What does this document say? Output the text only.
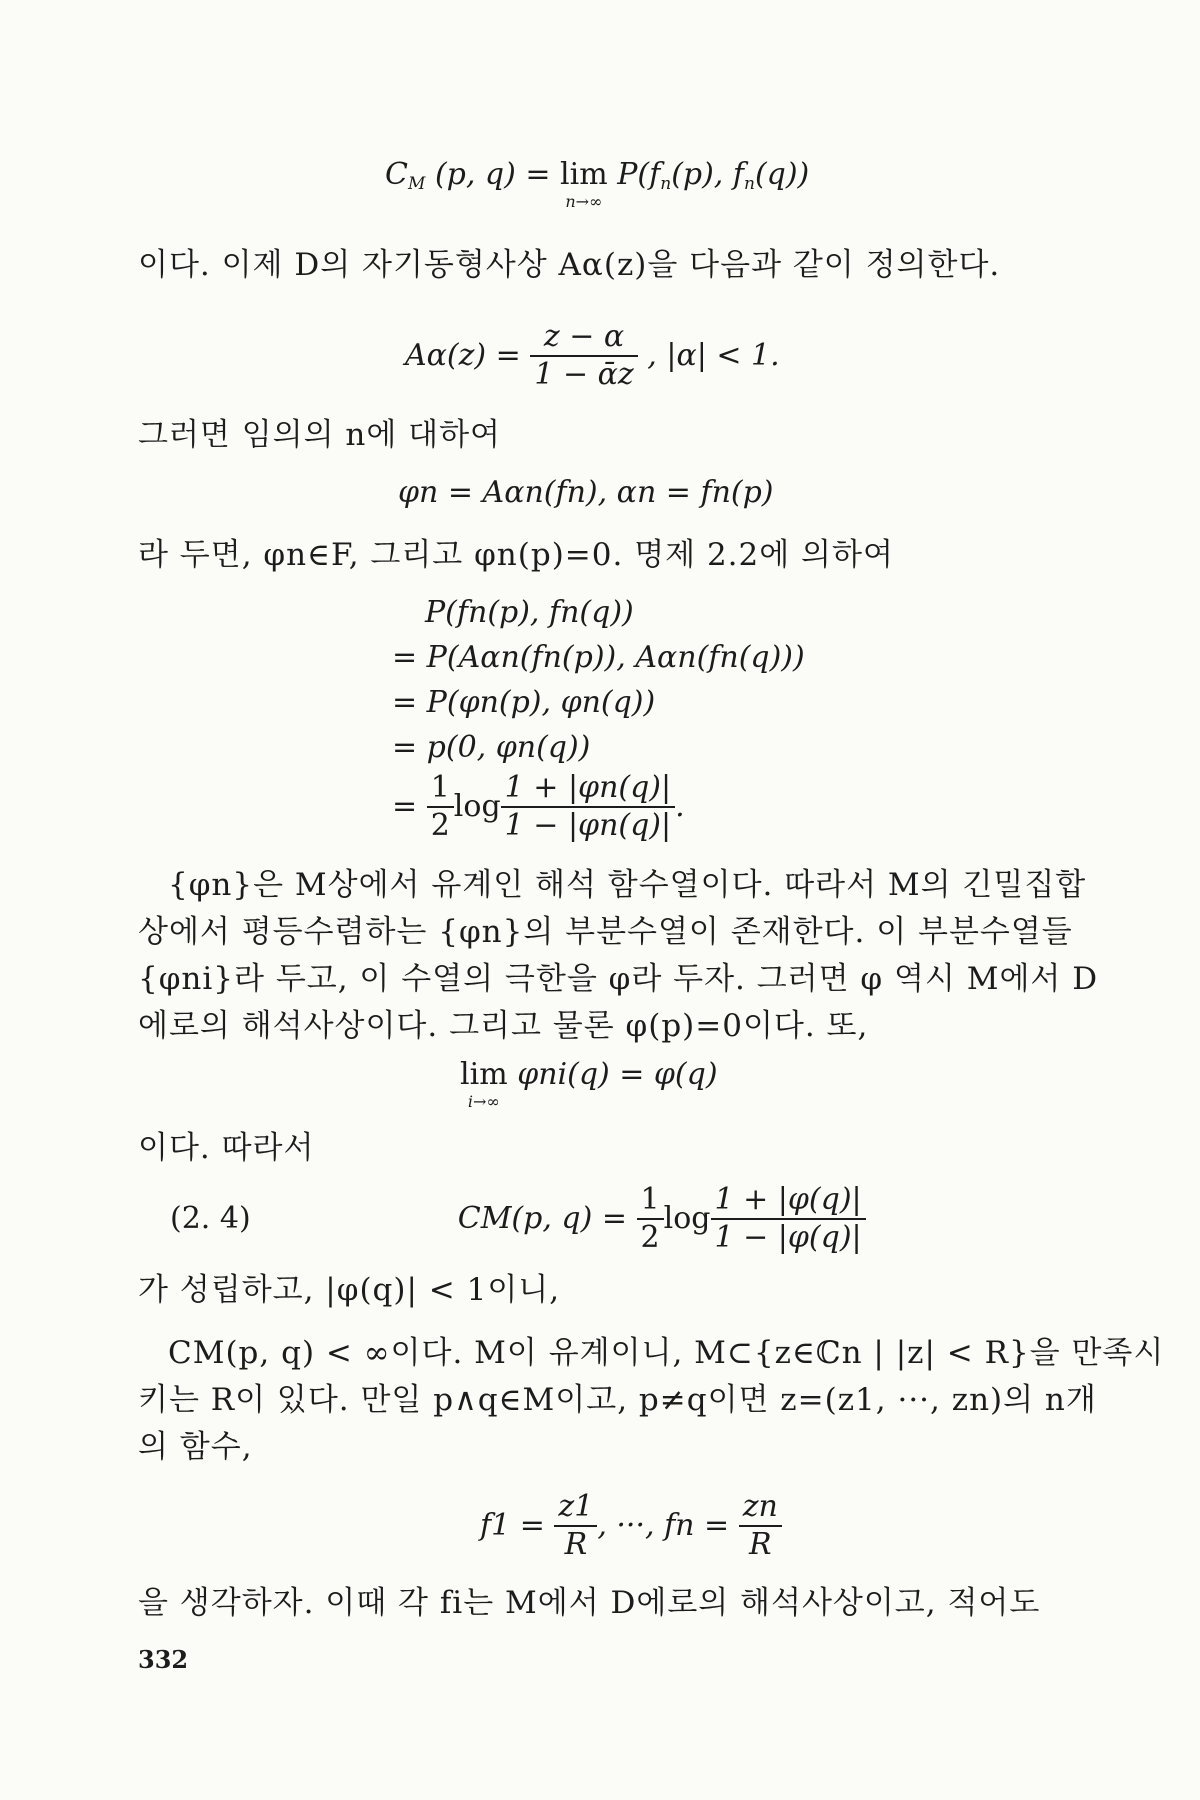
$C_M$ (p, q) = lim
n→∞
$P(f_n(p)$, $f_n(q)$)
이다. 이제 D의 자기동형사상 Aα(z)을 다음과 같이 정의한다.
$A\alpha(z) = \frac{z - \alpha}{\text{1 − ᾱz}}$ , |α| < 1.
그러면 임의의 n에 대하여
φn = Aαn(fn), αn = fn(p)
라 두면, φn∈F, 그리고 φn(p)=0. 명제 2.2에 의하여
P(fn(p), fn(q))
= P(Aαn(fn(p)), Aαn(fn(q)))
= P(φn(p), φn(q))
= p(0, φn(q))
= $\frac{1}{2}$ $\log \frac{1 + |\varphi n(q)|}{1 - |\varphi n(q)|}$ .
{φn}은 M상에서 유계인 해석 함수열이다. 따라서 M의 긴밀집합
상에서 평등수렴하는 {φn}의 부분수열이 존재한다. 이 부분수열들
{φni}라 두고, 이 수열의 극한을 φ라 두자. 그러면 φ 역시 M에서 D
에로의 해석사상이다. 그리고 물론 φ(p)=0이다. 또,
lim
i→∞
φni(q) = φ(q)
이다. 따라서
(2. 4)	CM(p, $q) = \frac{1}{2}$ $\log \frac{1 + |\varphi(q)|}{1 - |\varphi(q)|}$
가 성립하고, |φ(q)| < 1이니,
CM(p, q) < ∞이다. M이 유계이니, M⊂{z∈ℂn | |z| < R}을 만족시
키는 R이 있다. 만일 p∧q∈M이고, p≠q이면 z=(z1, ···, zn)의 n개
의 함수,
$f1 = \frac{z1}{R}$ , ···, fn = $\frac{zn}{R}$
을 생각하자. 이때 각 fi는 M에서 D에로의 해석사상이고, 적어도
332
